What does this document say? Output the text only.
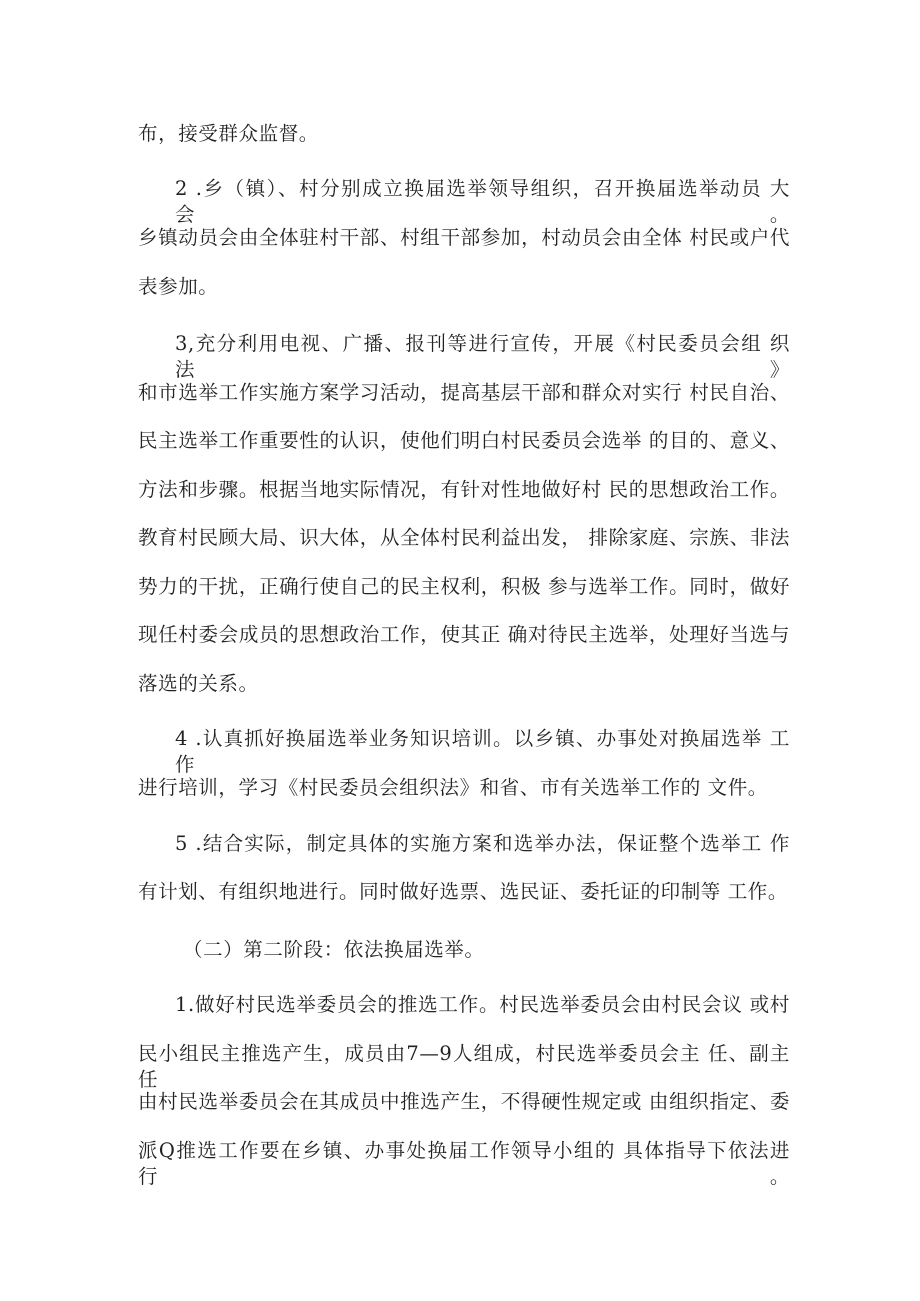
布，接受群众监督。
2 .乡（镇）、村分别成立换届选举领导组织，召开换届选举动员 大会。
乡镇动员会由全体驻村干部、村组干部参加，村动员会由全体 村民或户代
表参加。
3,充分利用电视、广播、报刊等进行宣传，开展《村民委员会组 织法》
和市选举工作实施方案学习活动，提高基层干部和群众对实行 村民自治、
民主选举工作重要性的认识，使他们明白村民委员会选举 的目的、意义、
方法和步骤。根据当地实际情况，有针对性地做好村 民的思想政治工作。
教育村民顾大局、识大体，从全体村民利益出发， 排除家庭、宗族、非法
势力的干扰，正确行使自己的民主权利，积极 参与选举工作。同时，做好
现任村委会成员的思想政治工作，使其正 确对待民主选举，处理好当选与
落选的关系。
4 .认真抓好换届选举业务知识培训。以乡镇、办事处对换届选举 工作
进行培训，学习《村民委员会组织法》和省、市有关选举工作的 文件。
5 .结合实际，制定具体的实施方案和选举办法，保证整个选举工 作
有计划、有组织地进行。同时做好选票、选民证、委托证的印制等 工作。
（二）第二阶段：依法换届选举。
1.做好村民选举委员会的推选工作。村民选举委员会由村民会议 或村
民小组民主推选产生，成员由7—9人组成，村民选举委员会主 任、副主任
由村民选举委员会在其成员中推选产生，不得硬性规定或 由组织指定、委
派Q推选工作要在乡镇、办事处换届工作领导小组的 具体指导下依法进行。
